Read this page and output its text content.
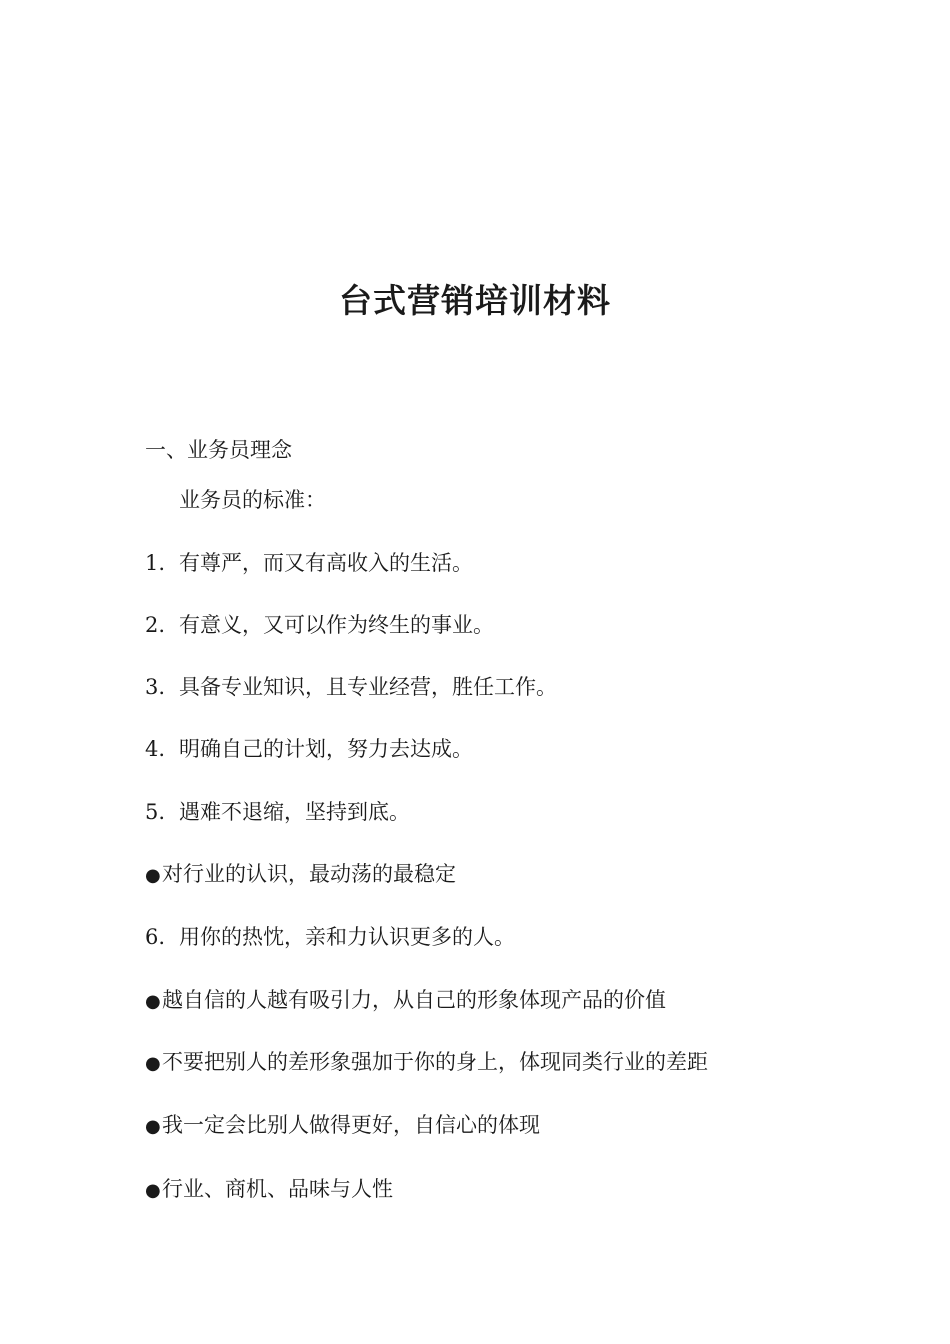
台式营销培训材料
一、业务员理念
业务员的标准：
1. 有尊严，而又有高收入的生活。
2. 有意义，又可以作为终生的事业。
3. 具备专业知识，且专业经营，胜任工作。
4. 明确自己的计划，努力去达成。
5. 遇难不退缩，坚持到底。
●对行业的认识，最动荡的最稳定
6. 用你的热忱，亲和力认识更多的人。
●越自信的人越有吸引力，从自己的形象体现产品的价值
●不要把别人的差形象强加于你的身上，体现同类行业的差距
●我一定会比别人做得更好，自信心的体现
●行业、商机、品味与人性
